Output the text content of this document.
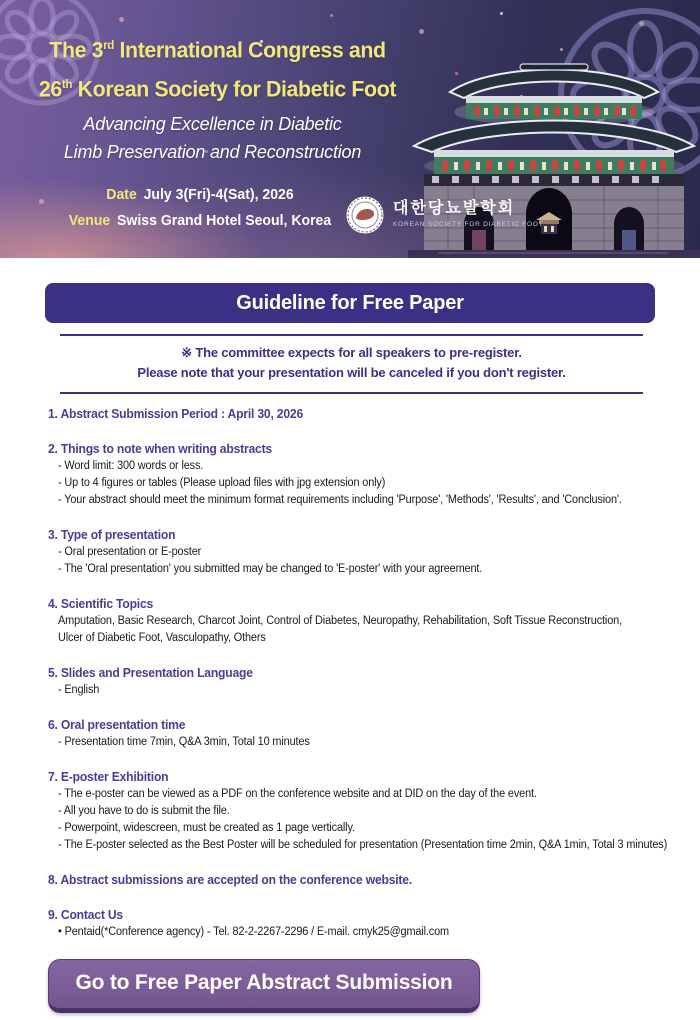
The 3rd International Congress and
26th Korean Society for Diabetic Foot
Advancing Excellence in Diabetic
Limb Preservation and Reconstruction
Date July 3(Fri)-4(Sat), 2026
Venue Swiss Grand Hotel Seoul, Korea
대한당뇨발학회
KOREAN SOCIETY FOR DIABETIC FOOT
Guideline for Free Paper
※ The committee expects for all speakers to pre-register.
Please note that your presentation will be canceled if you don't register.
1. Abstract Submission Period : April 30, 2026
2. Things to note when writing abstracts
- Word limit: 300 words or less.
- Up to 4 figures or tables (Please upload files with jpg extension only)
- Your abstract should meet the minimum format requirements including 'Purpose', 'Methods', 'Results', and 'Conclusion'.
3. Type of presentation
- Oral presentation or E-poster
- The 'Oral presentation' you submitted may be changed to 'E-poster' with your agreement.
4. Scientific Topics
Amputation, Basic Research, Charcot Joint, Control of Diabetes, Neuropathy, Rehabilitation, Soft Tissue Reconstruction,
Ulcer of Diabetic Foot, Vasculopathy, Others
5. Slides and Presentation Language
- English
6. Oral presentation time
- Presentation time 7min, Q&A 3min, Total 10 minutes
7. E-poster Exhibition
- The e-poster can be viewed as a PDF on the conference website and at DID on the day of the event.
- All you have to do is submit the file.
- Powerpoint, widescreen, must be created as 1 page vertically.
- The E-poster selected as the Best Poster will be scheduled for presentation (Presentation time 2min, Q&A 1min, Total 3 minutes)
8. Abstract submissions are accepted on the conference website.
9. Contact Us
• Pentaid(*Conference agency) - Tel. 82-2-2267-2296 / E-mail. cmyk25@gmail.com
Go to Free Paper Abstract Submission
